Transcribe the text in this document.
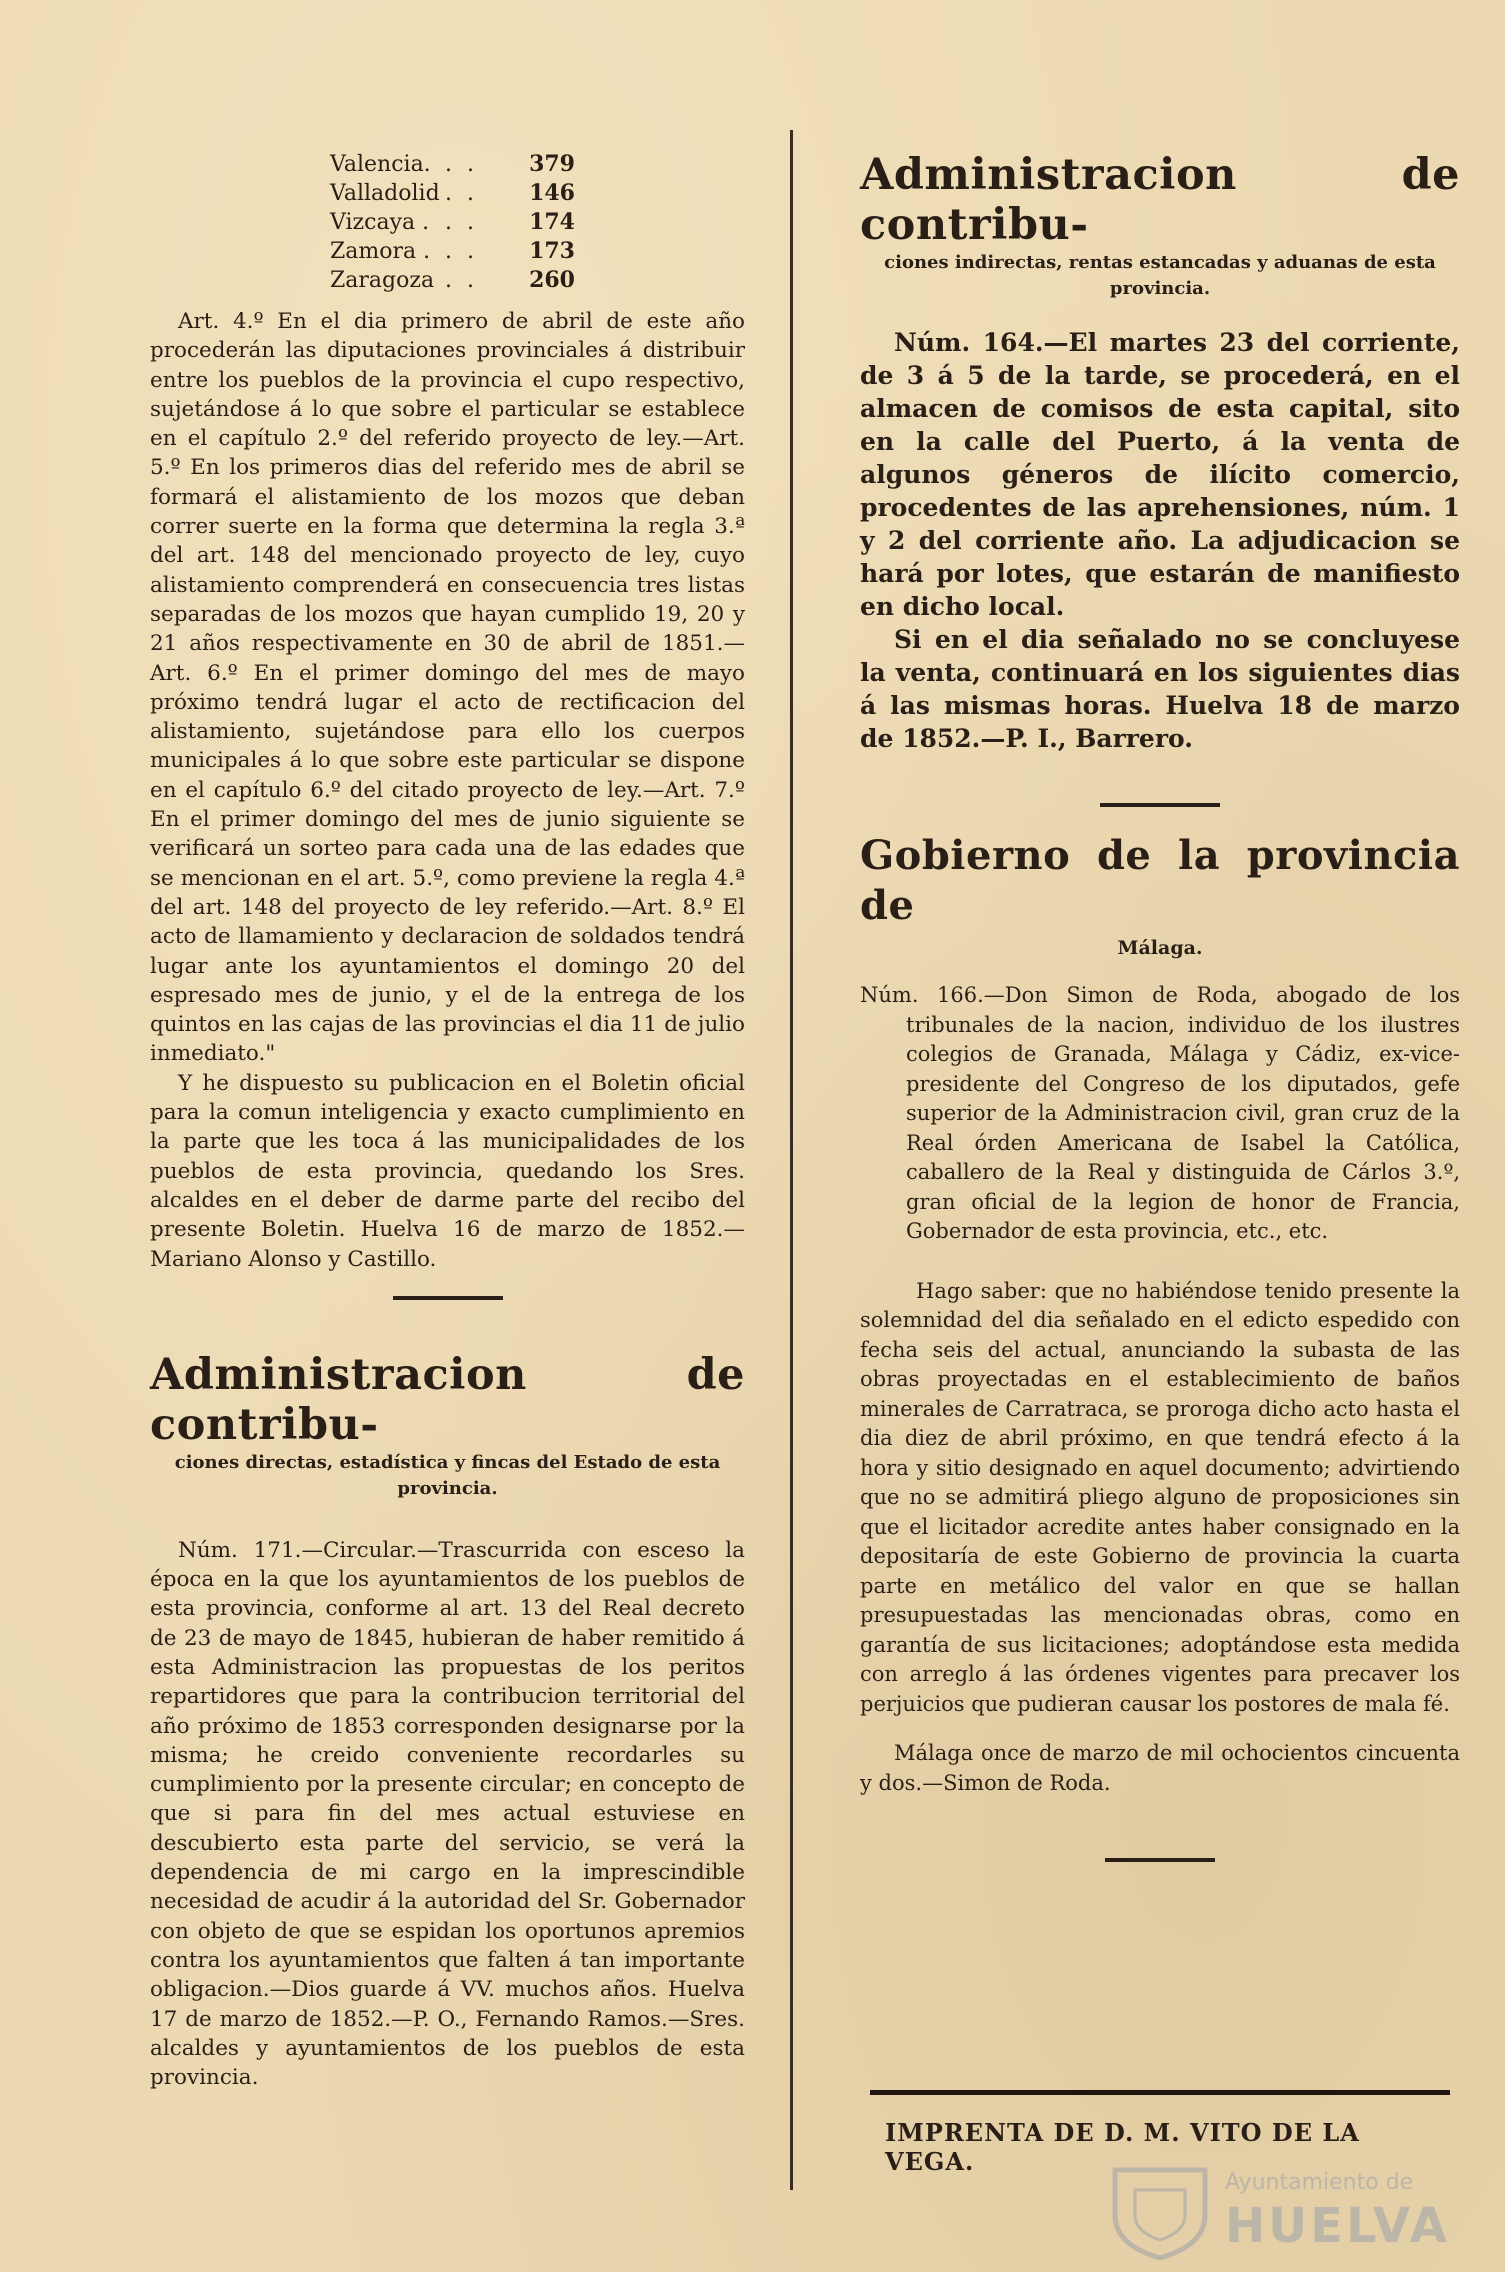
Valencia.	. .	379
Valladolid	. .	146
Vizcaya .	. .	174
Zamora .	. .	173
Zaragoza	. .	260

Art. 4.º En el dia primero de abril de este año procederán las diputaciones provinciales á distribuir entre los pueblos de la provincia el cupo respectivo, sujetándose á lo que sobre el particular se establece en el capítulo 2.º del referido proyecto de ley.—Art. 5.º En los primeros dias del referido mes de abril se formará el alistamiento de los mozos que deban correr suerte en la forma que determina la regla 3.ª del art. 148 del mencionado proyecto de ley, cuyo alistamiento comprenderá en consecuencia tres listas separadas de los mozos que hayan cumplido 19, 20 y 21 años respectivamente en 30 de abril de 1851.—Art. 6.º En el primer domingo del mes de mayo próximo tendrá lugar el acto de rectificacion del alistamiento, sujetándose para ello los cuerpos municipales á lo que sobre este particular se dispone en el capítulo 6.º del citado proyecto de ley.—Art. 7.º En el primer domingo del mes de junio siguiente se verificará un sorteo para cada una de las edades que se mencionan en el art. 5.º, como previene la regla 4.ª del art. 148 del proyecto de ley referido.—Art. 8.º El acto de llamamiento y declaracion de soldados tendrá lugar ante los ayuntamientos el domingo 20 del espresado mes de junio, y el de la entrega de los quintos en las cajas de las provincias el dia 11 de julio inmediato."

Y he dispuesto su publicacion en el Boletin oficial para la comun inteligencia y exacto cumplimiento en la parte que les toca á las municipalidades de los pueblos de esta provincia, quedando los Sres. alcaldes en el deber de darme parte del recibo del presente Boletin. Huelva 16 de marzo de 1852.—Mariano Alonso y Castillo.

Administracion de contribu-

ciones directas, estadística y fincas del Estado de esta provincia.

Núm. 171.—Circular.—Trascurrida con esceso la época en la que los ayuntamientos de los pueblos de esta provincia, conforme al art. 13 del Real decreto de 23 de mayo de 1845, hubieran de haber remitido á esta Administracion las propuestas de los peritos repartidores que para la contribucion territorial del año próximo de 1853 corresponden designarse por la misma; he creido conveniente recordarles su cumplimiento por la presente circular; en concepto de que si para fin del mes actual estuviese en descubierto esta parte del servicio, se verá la dependencia de mi cargo en la imprescindible necesidad de acudir á la autoridad del Sr. Gobernador con objeto de que se espidan los oportunos apremios contra los ayuntamientos que falten á tan importante obligacion.—Dios guarde á VV. muchos años. Huelva 17 de marzo de 1852.—P. O., Fernando Ramos.—Sres. alcaldes y ayuntamientos de los pueblos de esta provincia.

Administracion de contribu-

ciones indirectas, rentas estancadas y aduanas de esta provincia.

Núm. 164.—El martes 23 del corriente, de 3 á 5 de la tarde, se procederá, en el almacen de comisos de esta capital, sito en la calle del Puerto, á la venta de algunos géneros de ilícito comercio, procedentes de las aprehensiones, núm. 1 y 2 del corriente año. La adjudicacion se hará por lotes, que estarán de manifiesto en dicho local.

Si en el dia señalado no se concluyese la venta, continuará en los siguientes dias á las mismas horas. Huelva 18 de marzo de 1852.—P. I., Barrero.

Gobierno de la provincia de

Málaga.

Núm. 166.—Don Simon de Roda, abogado de los tribunales de la nacion, individuo de los ilustres colegios de Granada, Málaga y Cádiz, ex-vice-presidente del Congreso de los diputados, gefe superior de la Administracion civil, gran cruz de la Real órden Americana de Isabel la Católica, caballero de la Real y distinguida de Cárlos 3.º, gran oficial de la legion de honor de Francia, Gobernador de esta provincia, etc., etc.

Hago saber: que no habiéndose tenido presente la solemnidad del dia señalado en el edicto espedido con fecha seis del actual, anunciando la subasta de las obras proyectadas en el establecimiento de baños minerales de Carratraca, se proroga dicho acto hasta el dia diez de abril próximo, en que tendrá efecto á la hora y sitio designado en aquel documento; advirtiendo que no se admitirá pliego alguno de proposiciones sin que el licitador acredite antes haber consignado en la depositaría de este Gobierno de provincia la cuarta parte en metálico del valor en que se hallan presupuestadas las mencionadas obras, como en garantía de sus licitaciones; adoptándose esta medida con arreglo á las órdenes vigentes para precaver los perjuicios que pudieran causar los postores de mala fé.

Málaga once de marzo de mil ochocientos cincuenta y dos.—Simon de Roda.

IMPRENTA DE D. M. VITO DE LA VEGA.
Ayuntamiento de
HUELVA
